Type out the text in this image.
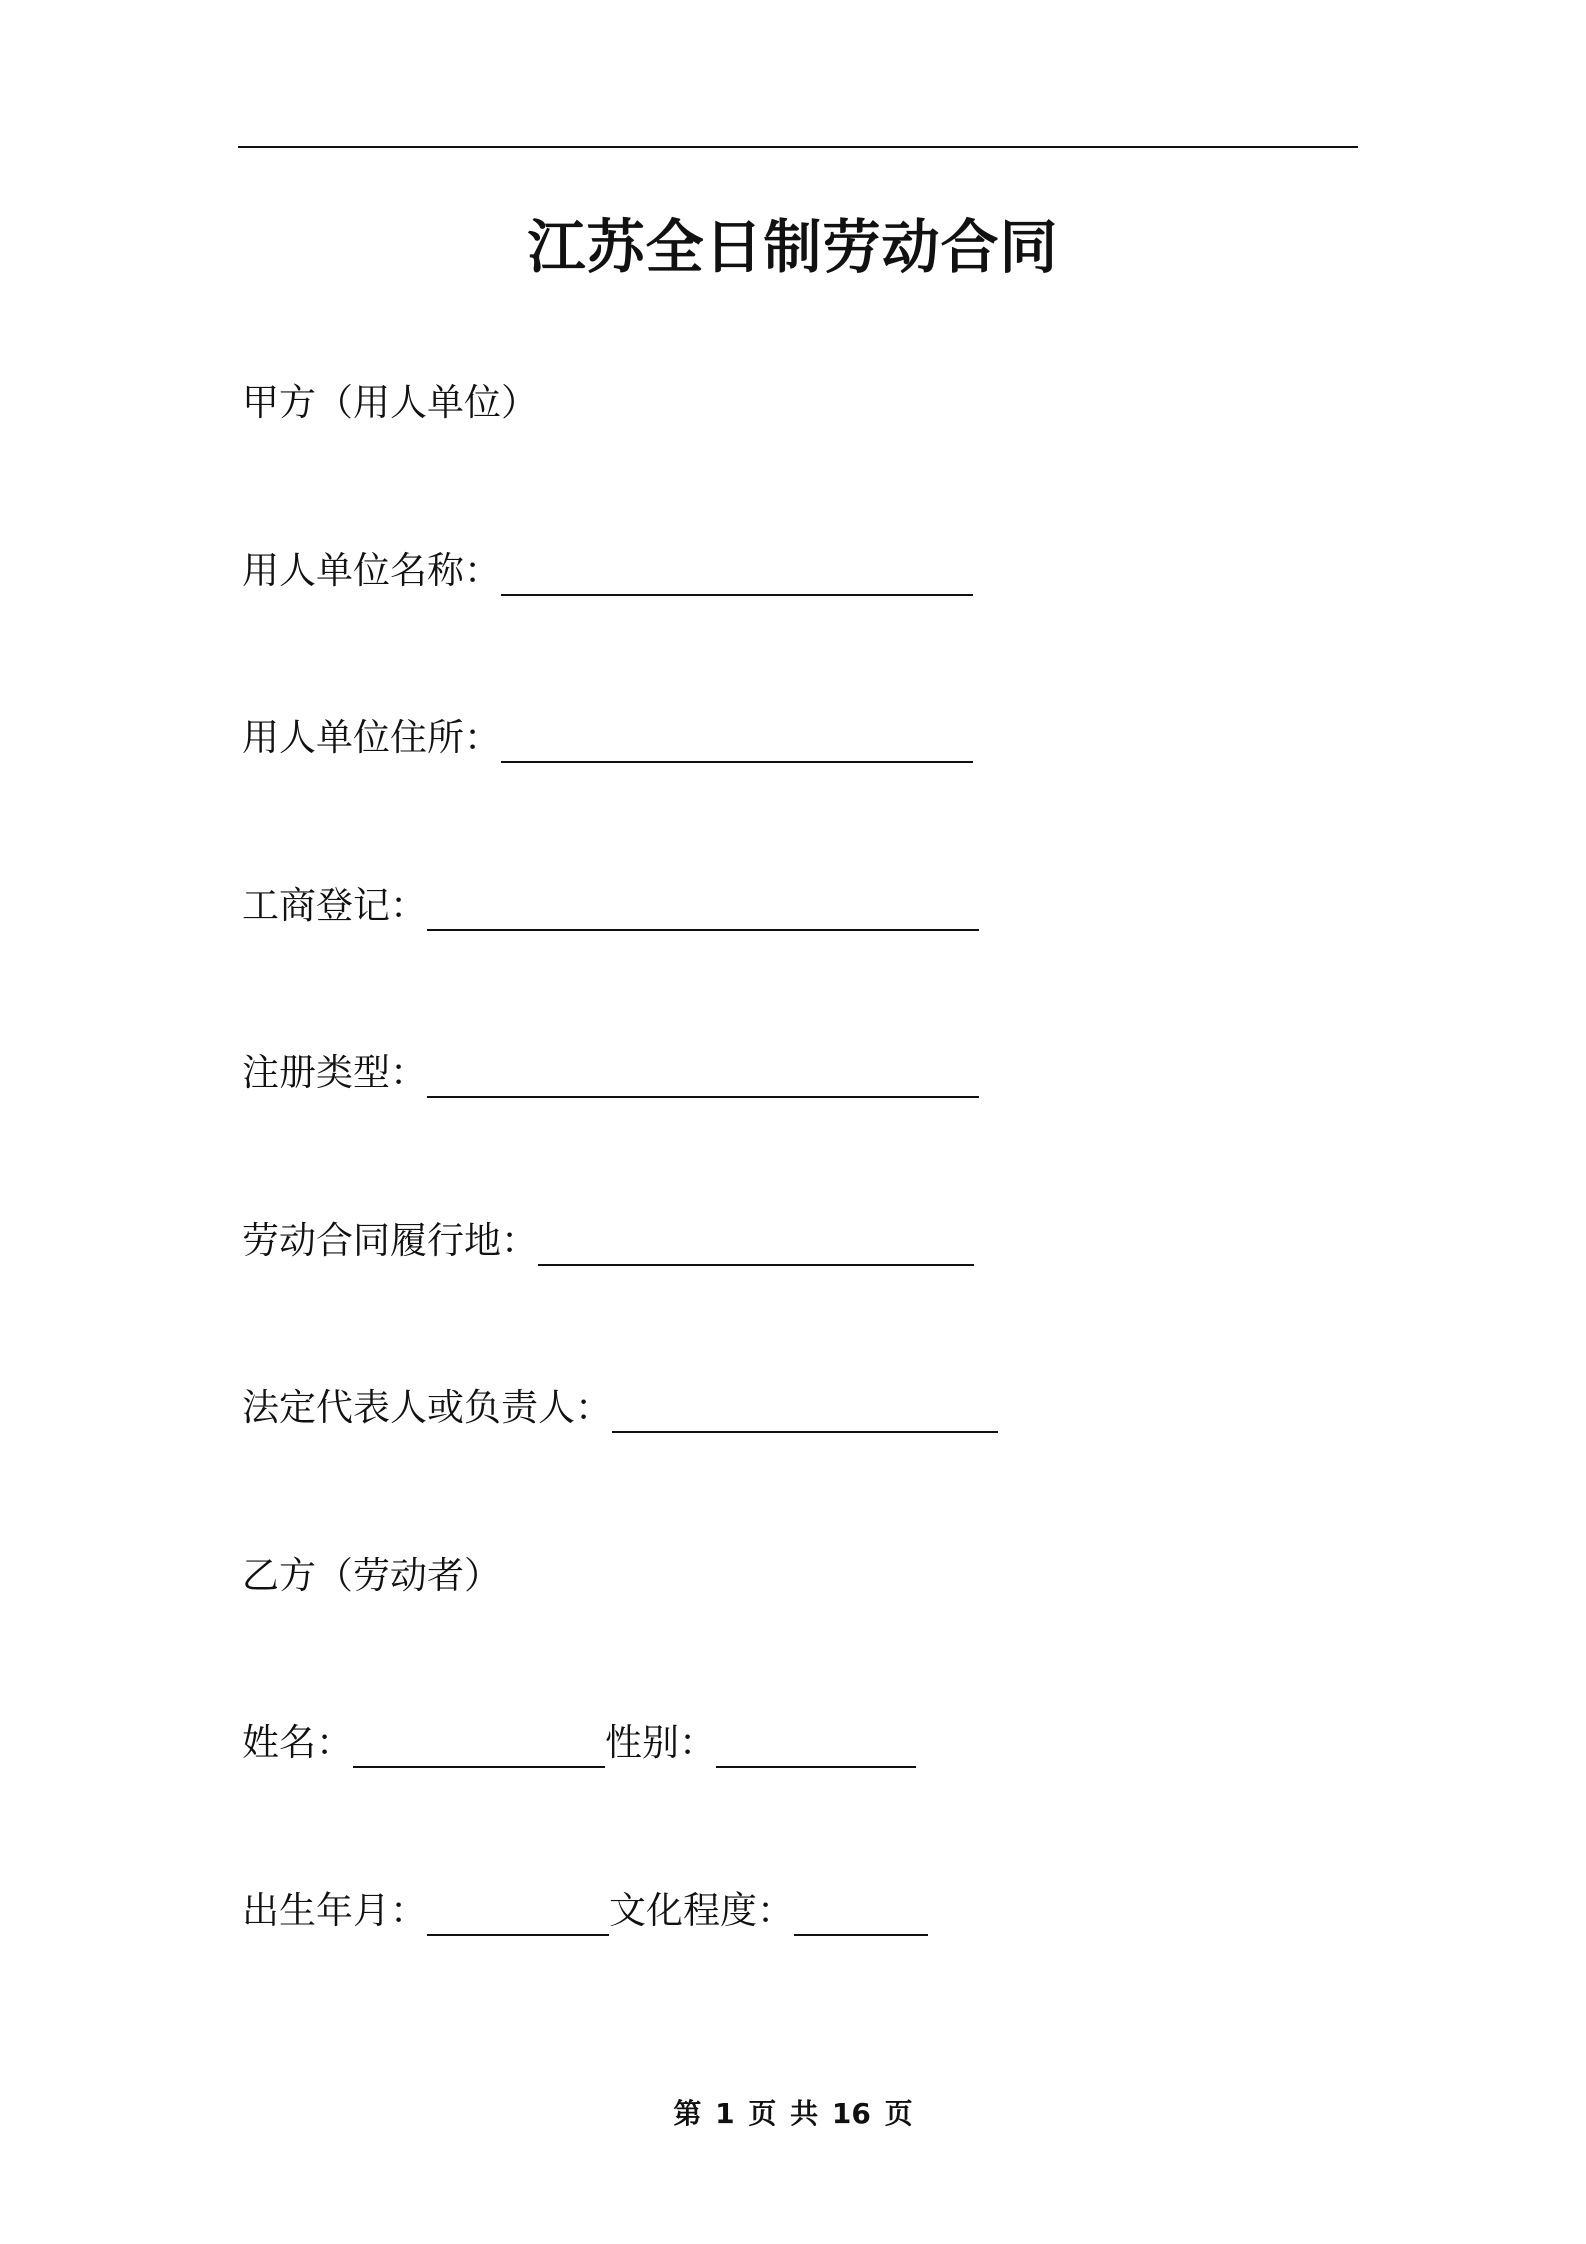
江苏全日制劳动合同
甲方（用人单位）
用人单位名称：
用人单位住所：
工商登记：
注册类型：
劳动合同履行地：
法定代表人或负责人：
乙方（劳动者）
姓名：	性别：
出生年月：	文化程度：
第 1 页 共 16 页
